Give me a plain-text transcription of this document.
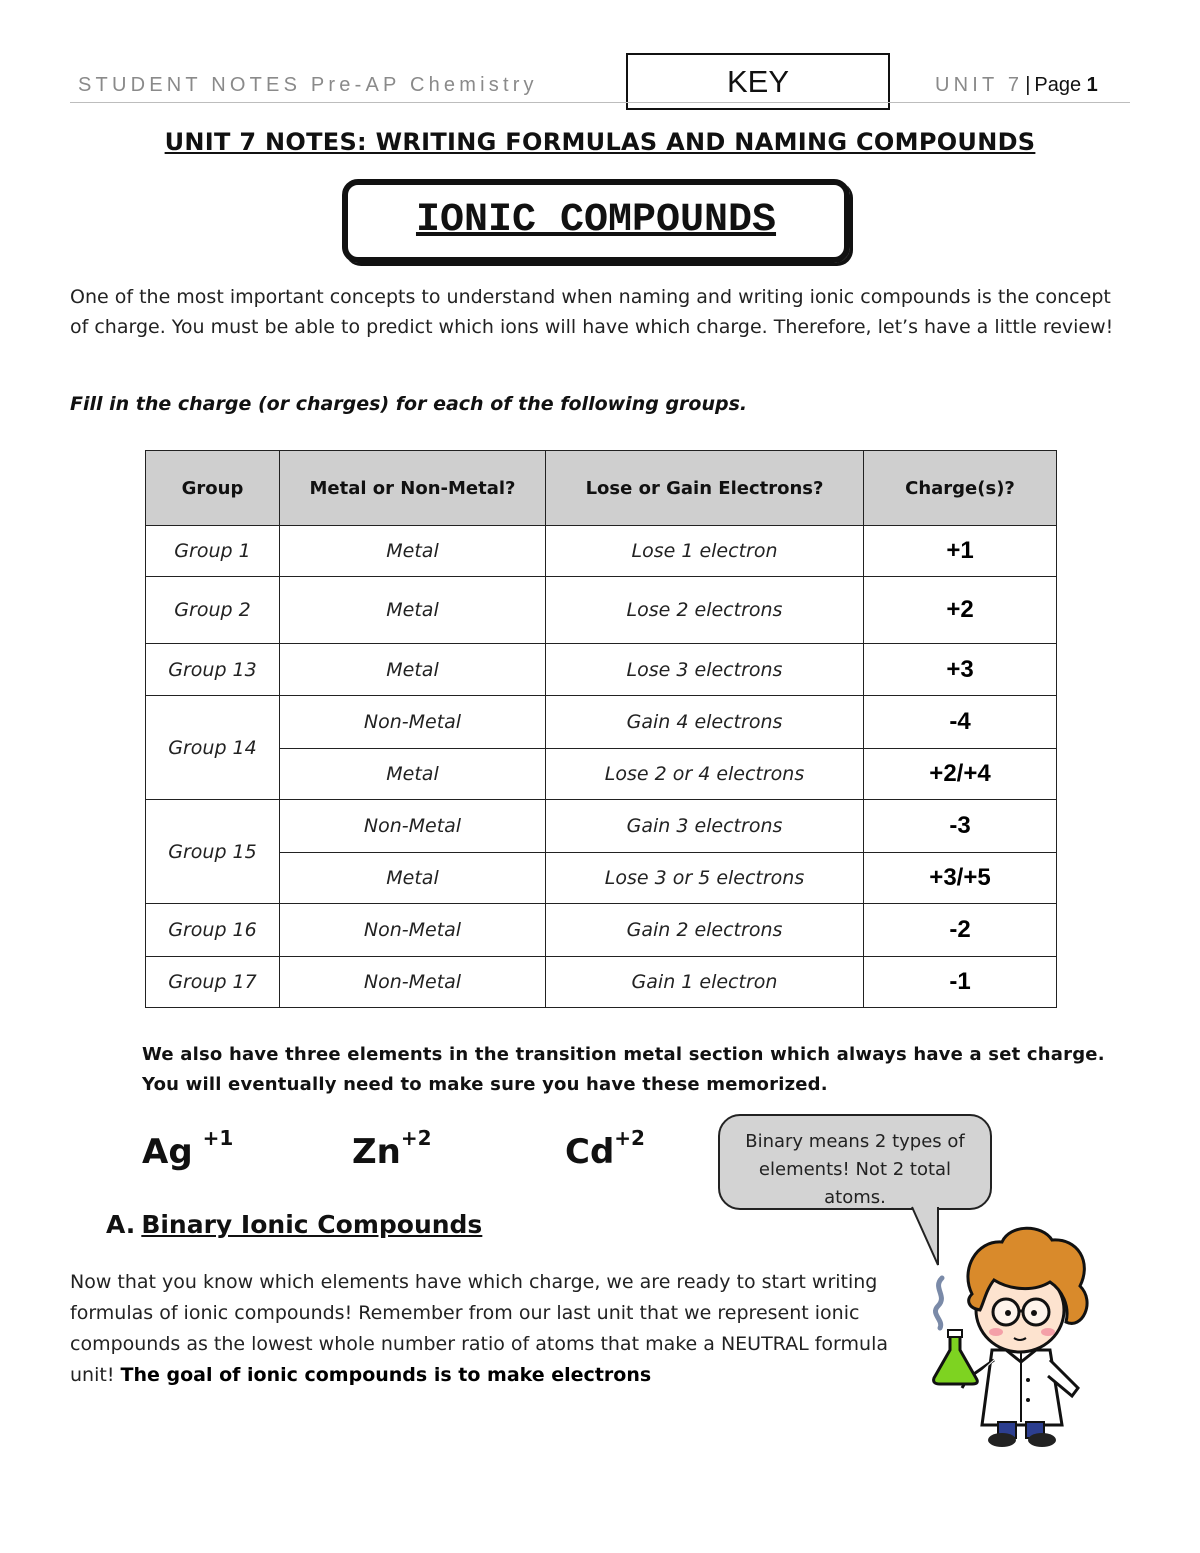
STUDENT NOTES Pre-AP Chemistry	KEY	UNIT 7 | Page 1
UNIT 7 NOTES: WRITING FORMULAS AND NAMING COMPOUNDS
IONIC COMPOUNDS
One of the most important concepts to understand when naming and writing ionic compounds is the concept of charge. You must be able to predict which ions will have which charge. Therefore, let’s have a little review!
Fill in the charge (or charges) for each of the following groups.
Group	Metal or Non-Metal?	Lose or Gain Electrons?	Charge(s)?
Group 1	Metal	Lose 1 electron	+1
Group 2	Metal	Lose 2 electrons	+2
Group 13	Metal	Lose 3 electrons	+3
Group 14	Non-Metal	Gain 4 electrons	-4
	Metal	Lose 2 or 4 electrons	+2/+4
Group 15	Non-Metal	Gain 3 electrons	-3
	Metal	Lose 3 or 5 electrons	+3/+5
Group 16	Non-Metal	Gain 2 electrons	-2
Group 17	Non-Metal	Gain 1 electron	-1
We also have three elements in the transition metal section which always have a set charge. You will eventually need to make sure you have these memorized.
Ag $^{+1}$	$Zn^{+2}$	$Cd^{+2}$	Binary means 2 types of elements! Not 2 total atoms.
A. Binary Ionic Compounds
Now that you know which elements have which charge, we are ready to start writing formulas of ionic compounds! Remember from our last unit that we represent ionic compounds as the lowest whole number ratio of atoms that make a NEUTRAL formula unit! The goal of ionic compounds is to make electrons
